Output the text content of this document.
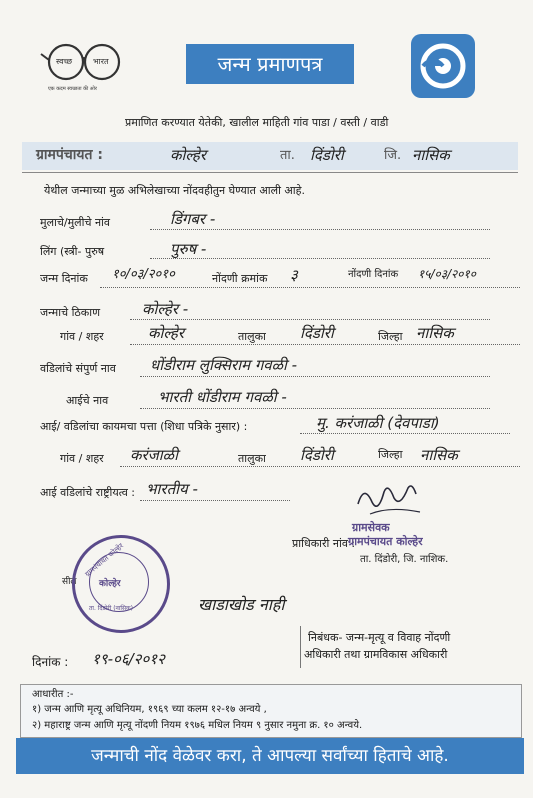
स्वच्छ	भारत
एक कदम स्वच्छता की ओर
जन्म प्रमाणपत्र
प्रमाणित करण्यात येतेकी, खालील माहिती गांव पाडा / वस्ती / वाडी
ग्रामपंचायत :	कोल्हेर	ता. दिंडोरी	जि. नासिक
येथील जन्माच्या मुळ अभिलेखाच्या नोंदवहीतुन घेण्यात आली आहे.
मुलाचे/मुलीचे नांव	डिंगबर -
लिंग (स्त्री- पुरुष	पुरुष -
जन्म दिनांक १०/०३/२०१०	नोंदणी क्रमांक ३	नोंदणी दिनांक १५/०३/२०१०
जन्माचे ठिकाण	कोल्हेर -
गांव / शहर	कोल्हेर	तालुका दिंडोरी	जिल्हा नासिक
वडिलांचे संपुर्ण नाव धोंडीराम लुक्सिराम गवळी -
आईचे नाव	भारती धोंडीराम गवळी -
आई/ वडिलांचा कायमचा पत्ता (शिधा पत्रिके नुसार) :	मु. करंजाळी (देवपाडा)
गांव / शहर करंजाळी	तालुका दिंडोरी	जिल्हा नासिक
आई वडिलांचे राष्ट्रीयत्व : भारतीय -
प्राधिकारी नांव :
ग्रामसेवक
ग्रामपंचायत कोल्हेर
ता. दिंडोरी, जि. नाशिक.
सील
ग्रामपंचायत कोल्हेर
कोल्हेर
ता. दिंडोरी (नासिक)	खाडाखोड नाही
दिनांक : १९-०६/२०१२
निबंधक- जन्म-मृत्यू व विवाह नोंदणी
अधिकारी तथा ग्रामविकास अधिकारी
आधारीत :-
१) जन्म आणि मृत्यू अधिनियम, १९६९ च्या कलम १२-१७ अन्वये ,
२) महाराष्ट्र जन्म आणि मृत्यू नोंदणी नियम १९७६ मधिल नियम ९ नुसार नमुना क्र. १० अन्वये.
जन्माची नोंद वेळेवर करा, ते आपल्या सर्वांच्या हिताचे आहे.
